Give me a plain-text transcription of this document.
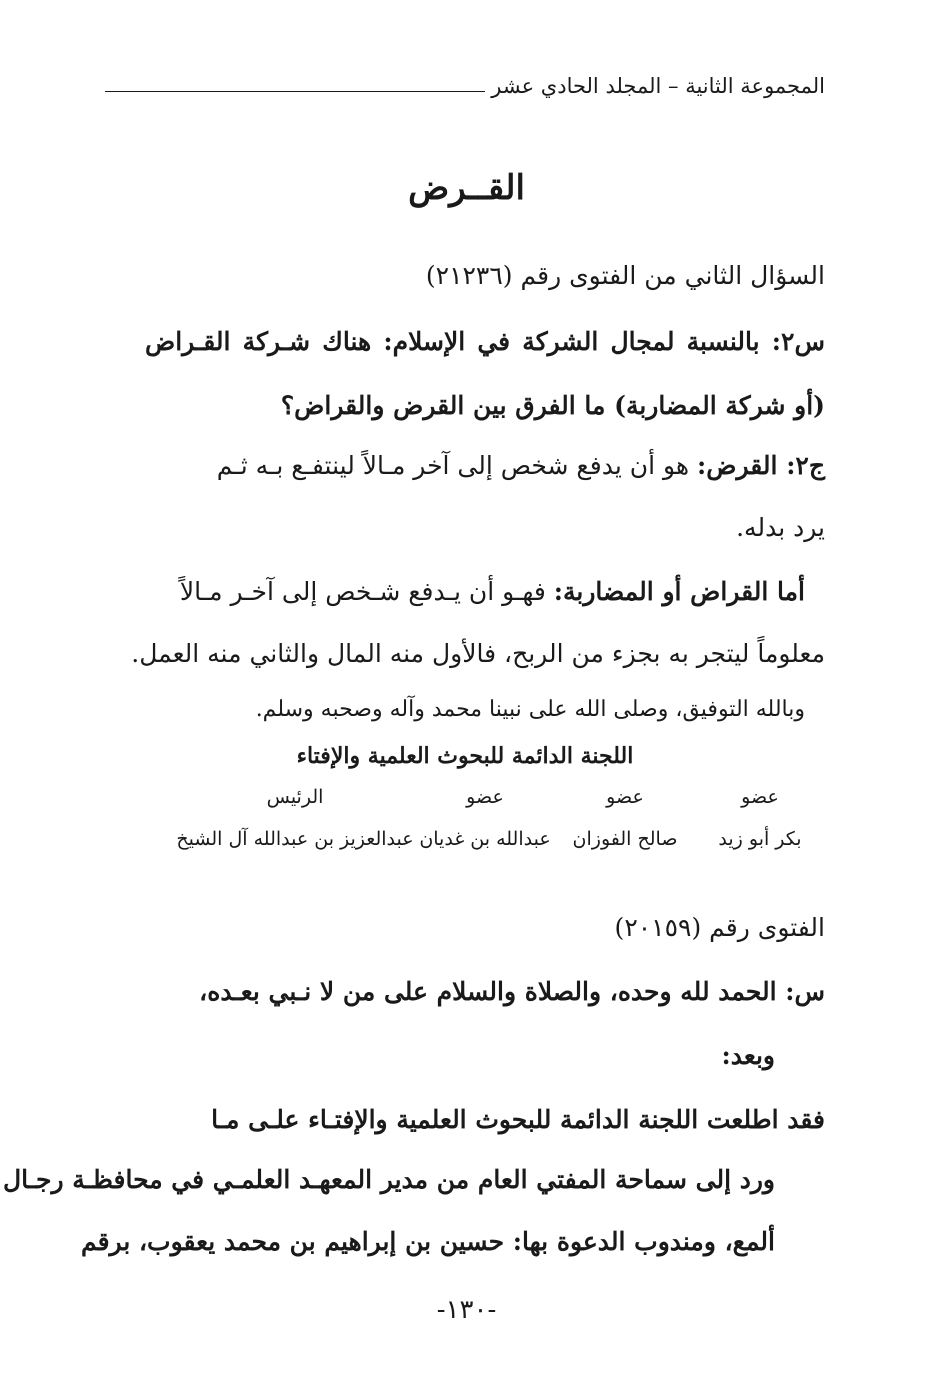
المجموعة الثانية – المجلد الحادي عشر
القــرض
السؤال الثاني من الفتوى رقم (٢١٢٣٦)
س٢: بالنسبة لمجال الشركة في الإسلام: هناك شـركة القـراض
(أو شركة المضاربة) ما الفرق بين القرض والقراض؟
ج٢: القرض: هو أن يدفع شخص إلى آخر مـالاً لينتفـع بـه ثـم
يرد بدله.
أما القراض أو المضاربة: فهـو أن يـدفع شـخص إلى آخـر مـالاً
معلوماً ليتجر به بجزء من الربح، فالأول منه المال والثاني منه العمل.
وبالله التوفيق، وصلى الله على نبينا محمد وآله وصحبه وسلم.
اللجنة الدائمة للبحوث العلمية والإفتاء
عضو
عضو
عضو
الرئيس
بكر أبو زيد
صالح الفوزان
عبدالله بن غديان
عبدالعزيز بن عبدالله آل الشيخ
الفتوى رقم (٢٠١٥٩)
س: الحمد لله وحده، والصلاة والسلام على من لا نـبي بعـده،
وبعد:
فقد اطلعت اللجنة الدائمة للبحوث العلمية والإفتـاء علـى مـا
ورد إلى سماحة المفتي العام من مدير المعهـد العلمـي في محافظـة رجـال
ألمع، ومندوب الدعوة بها: حسين بن إبراهيم بن محمد يعقوب، برقم
-١٣٠-
